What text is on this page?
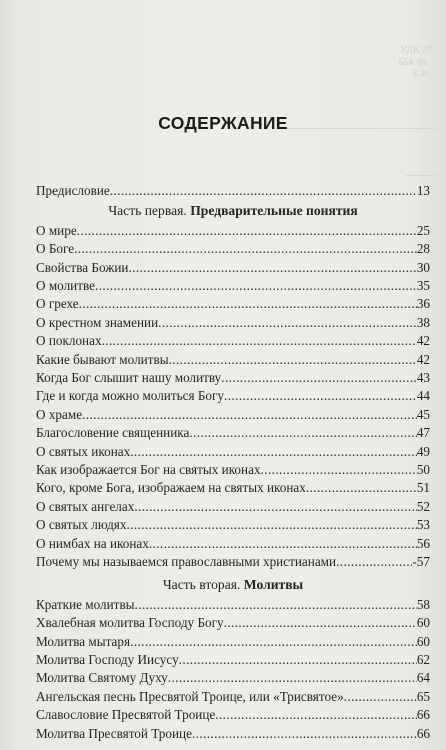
УДК 27
ББК 86
К 33
СОДЕРЖАНИЕ
Предисловие .....	13
Часть первая. Предварительные понятия
О мире .....	25
О Боге .....	28
Свойства Божии .....	30
О молитве .....	35
О грехе .....	36
О крестном знамении .....	38
О поклонах .....	42
Какие бывают молитвы .....	42
Когда Бог слышит нашу молитву .....	43
Где и когда можно молиться Богу .....	44
О храме .....	45
Благословение священника .....	47
О святых иконах .....	49
Как изображается Бог на святых иконах .....	50
Кого, кроме Бога, изображаем на святых иконах .....	51
О святых ангелах .....	52
О святых людях .....	53
О нимбах на иконах .....	56
Почему мы называемся православными христианами .....	-57
Часть вторая. Молитвы
Краткие молитвы .....	58
Хвалебная молитва Господу Богу .....	60
Молитва мытаря .....	60
Молитва Господу Иисусу .....	62
Молитва Святому Духу .....	64
Ангельская песнь Пресвятой Троице, или «Трисвятое» .....	65
Славословие Пресвятой Троице .....	66
Молитва Пресвятой Троице .....	66
